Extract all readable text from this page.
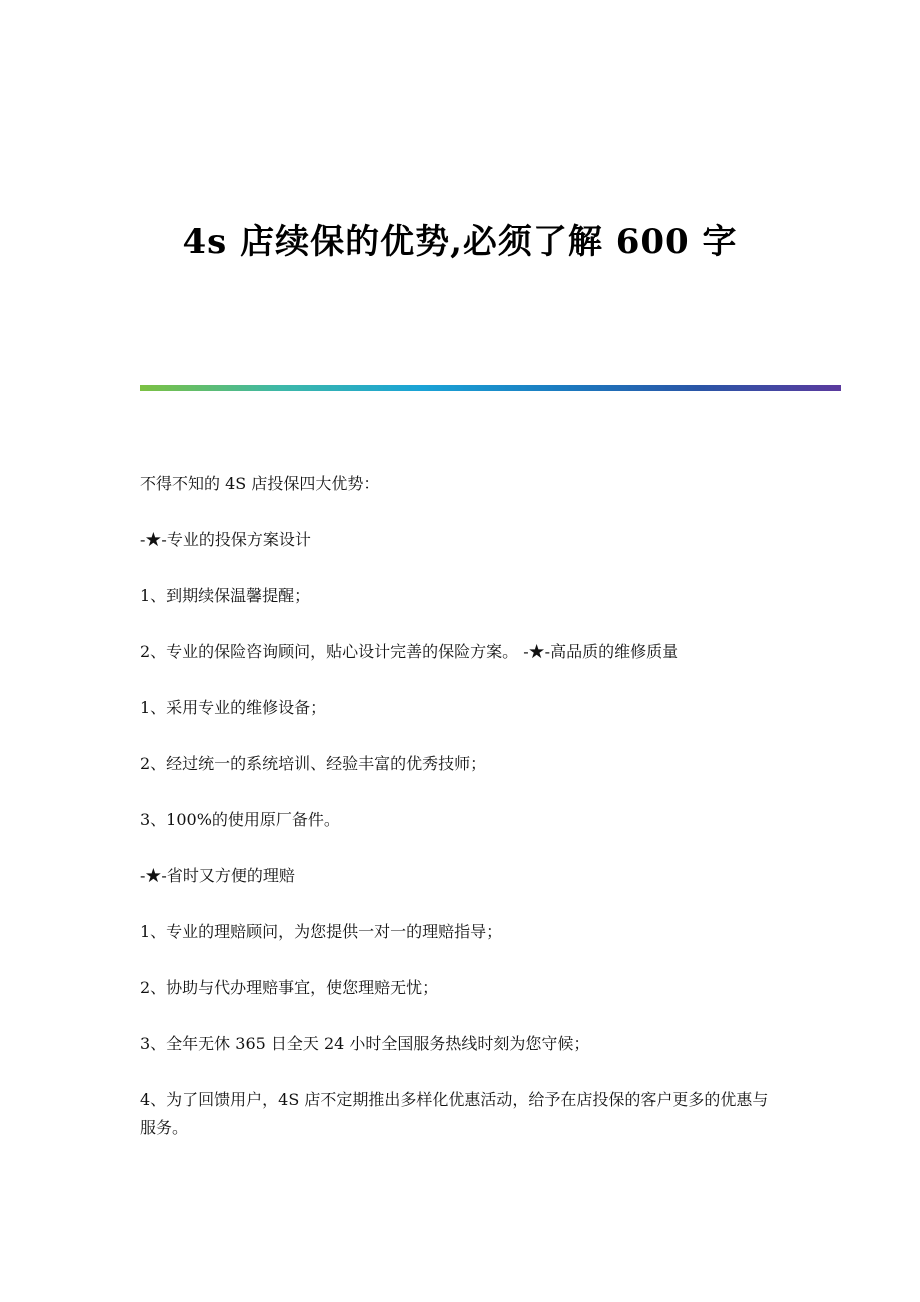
4s 店续保的优势,必须了解 600 字

不得不知的 4S 店投保四大优势：

-★-专业的投保方案设计

1、到期续保温馨提醒；

2、专业的保险咨询顾问，贴心设计完善的保险方案。 -★-高品质的维修质量

1、采用专业的维修设备；

2、经过统一的系统培训、经验丰富的优秀技师；

3、100%的使用原厂备件。

-★-省时又方便的理赔

1、专业的理赔顾问，为您提供一对一的理赔指导；

2、协助与代办理赔事宜，使您理赔无忧；

3、全年无休 365 日全天 24 小时全国服务热线时刻为您守候；

4、为了回馈用户，4S 店不定期推出多样化优惠活动，给予在店投保的客户更多的优惠与服务。
